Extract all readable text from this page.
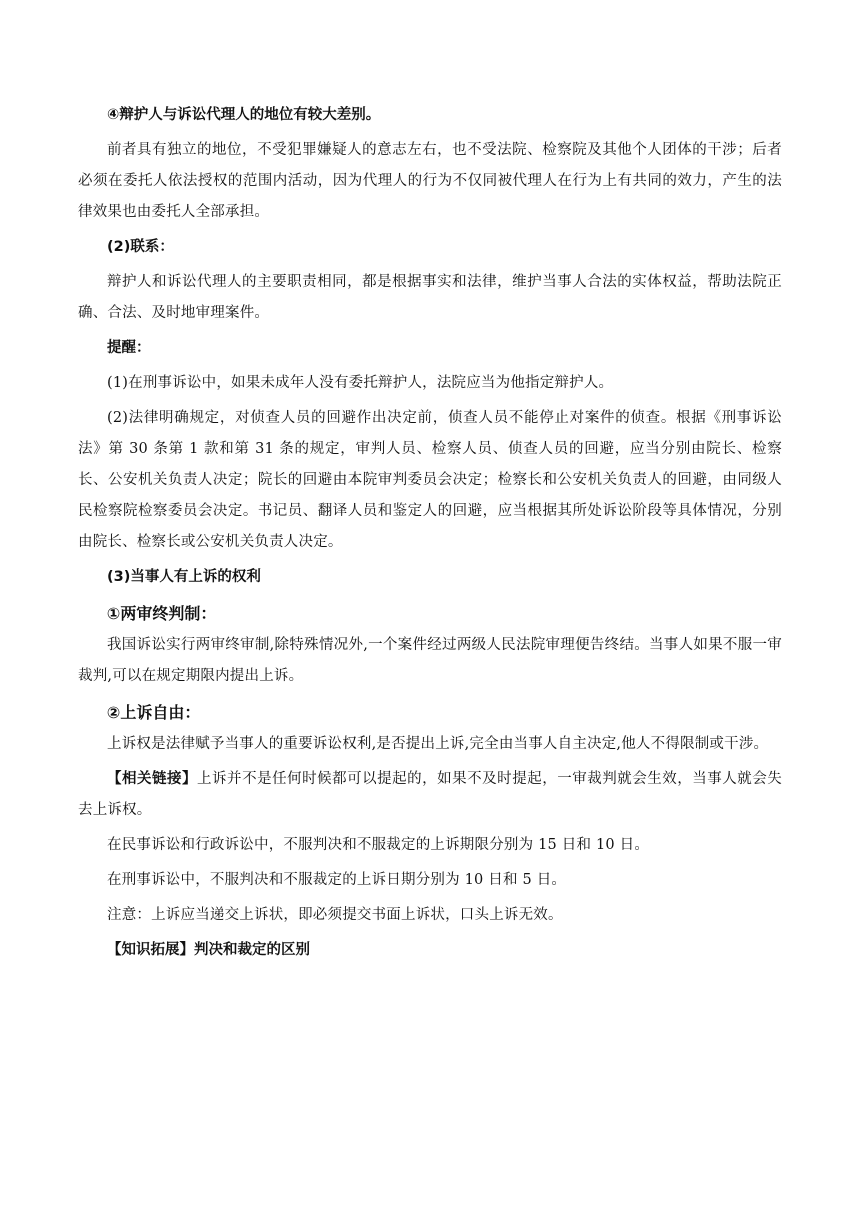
④辩护人与诉讼代理人的地位有较大差别。

前者具有独立的地位，不受犯罪嫌疑人的意志左右，也不受法院、检察院及其他个人团体的干涉；后者必须在委托人依法授权的范围内活动，因为代理人的行为不仅同被代理人在行为上有共同的效力，产生的法律效果也由委托人全部承担。

(2)联系：

辩护人和诉讼代理人的主要职责相同，都是根据事实和法律，维护当事人合法的实体权益，帮助法院正确、合法、及时地审理案件。

提醒：

(1)在刑事诉讼中，如果未成年人没有委托辩护人，法院应当为他指定辩护人。

(2)法律明确规定，对侦查人员的回避作出决定前，侦查人员不能停止对案件的侦查。根据《刑事诉讼法》第 30 条第 1 款和第 31 条的规定，审判人员、检察人员、侦查人员的回避，应当分别由院长、检察长、公安机关负责人决定；院长的回避由本院审判委员会决定；检察长和公安机关负责人的回避，由同级人民检察院检察委员会决定。书记员、翻译人员和鉴定人的回避，应当根据其所处诉讼阶段等具体情况，分别由院长、检察长或公安机关负责人决定。

(3)当事人有上诉的权利

①两审终判制：

我国诉讼实行两审终审制,除特殊情况外,一个案件经过两级人民法院审理便告终结。当事人如果不服一审裁判,可以在规定期限内提出上诉。

②上诉自由：

上诉权是法律赋予当事人的重要诉讼权利,是否提出上诉,完全由当事人自主决定,他人不得限制或干涉。

【相关链接】上诉并不是任何时候都可以提起的，如果不及时提起，一审裁判就会生效，当事人就会失去上诉权。

在民事诉讼和行政诉讼中，不服判决和不服裁定的上诉期限分别为 15 日和 10 日。

在刑事诉讼中，不服判决和不服裁定的上诉日期分别为 10 日和 5 日。

注意：上诉应当递交上诉状，即必须提交书面上诉状，口头上诉无效。

【知识拓展】判决和裁定的区别
